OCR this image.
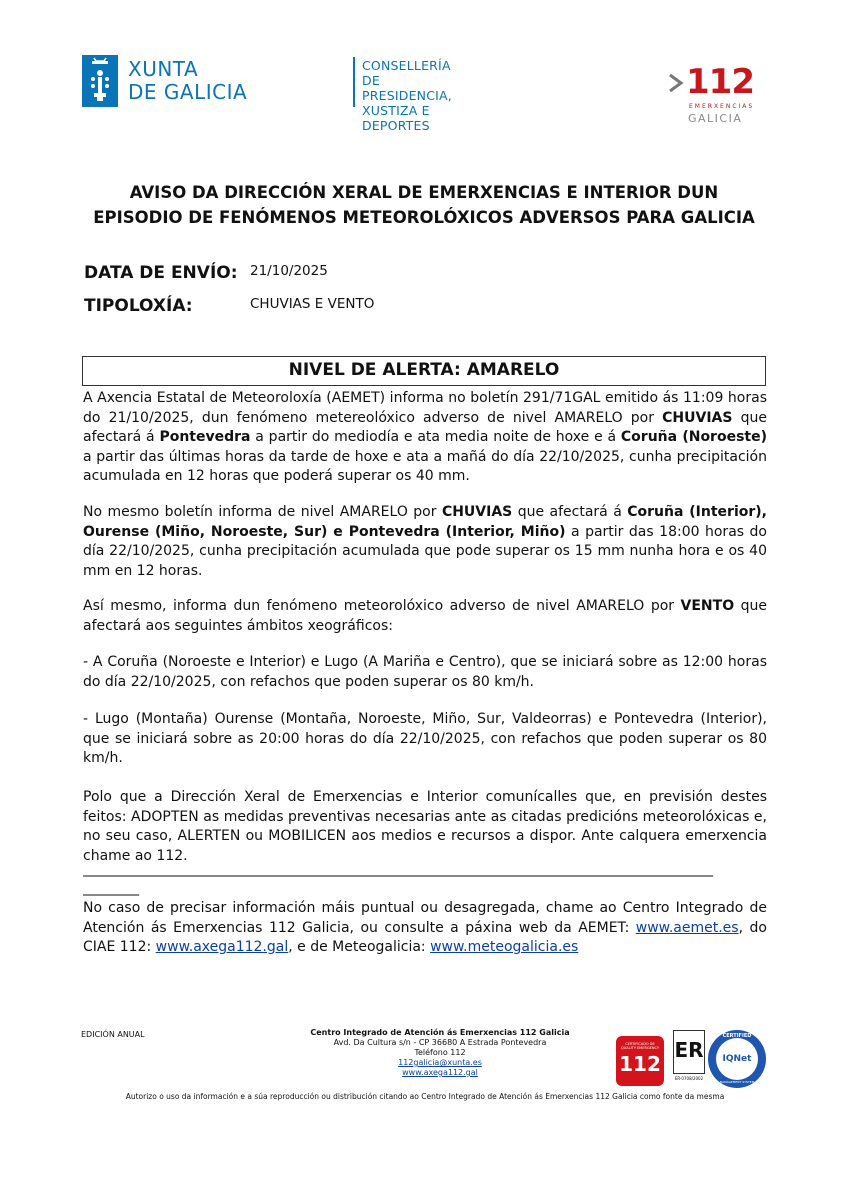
XUNTA
DE GALICIA
CONSELLERÍA DE
PRESIDENCIA,
XUSTIZA E DEPORTES
112
EMERXENCIAS
GALICIA
AVISO DA DIRECCIÓN XERAL DE EMERXENCIAS E INTERIOR DUN
EPISODIO DE FENÓMENOS METEOROLÓXICOS ADVERSOS PARA GALICIA
DATA DE ENVÍO: 21/10/2025
TIPOLOXÍA:	CHUVIAS E VENTO
NIVEL DE ALERTA: AMARELO
A Axencia Estatal de Meteoroloxía (AEMET) informa no boletín 291/71GAL emitido ás 11:09 horas do 21/10/2025, dun fenómeno metereolóxico adverso de nivel AMARELO por CHUVIAS que afectará á Pontevedra a partir do mediodía e ata media noite de hoxe e á Coruña (Noroeste) a partir das últimas horas da tarde de hoxe e ata a mañá do día 22/10/2025, cunha precipitación acumulada en 12 horas que poderá superar os 40 mm.
No mesmo boletín informa de nivel AMARELO por CHUVIAS que afectará á Coruña (Interior), Ourense (Miño, Noroeste, Sur) e Pontevedra (Interior, Miño) a partir das 18:00 horas do día 22/10/2025, cunha precipitación acumulada que pode superar os 15 mm nunha hora e os 40 mm en 12 horas.
Así mesmo, informa dun fenómeno meteorolóxico adverso de nivel AMARELO por VENTO que afectará aos seguintes ámbitos xeográficos:
- A Coruña (Noroeste e Interior) e Lugo (A Mariña e Centro), que se iniciará sobre as 12:00 horas do día 22/10/2025, con refachos que poden superar os 80 km/h.
- Lugo (Montaña) Ourense (Montaña, Noroeste, Miño, Sur, Valdeorras) e Pontevedra (Interior), que se iniciará sobre as 20:00 horas do día 22/10/2025, con refachos que poden superar os 80 km/h.
Polo que a Dirección Xeral de Emerxencias e Interior comunícalles que, en previsión destes feitos: ADOPTEN as medidas preventivas necesarias ante as citadas predicións meteorolóxicas e, no seu caso, ALERTEN ou MOBILICEN aos medios e recursos a dispor. Ante calquera emerxencia chame ao 112.
__________________________________________________________________________________________
________
No caso de precisar información máis puntual ou desagregada, chame ao Centro Integrado de Atención ás Emerxencias 112 Galicia, ou consulte a páxina web da AEMET: www.aemet.es, do CIAE 112: www.axega112.gal, e de Meteogalicia: www.meteogalicia.es
EDICIÓN ANUAL	Centro Integrado de Atención ás Emerxencias 112 Galicia
Avd. Da Cultura s/n - CP 36680 A Estrada Pontevedra
Teléfono 112
112galicia@xunta.es
www.axega112.gal
CERTIFICADO DE QUALITY EMERGENCY
112
ER
ER-0708/2002
CERTIFIED
IQNet
MANAGEMENT SYSTEM
Autorizo o uso da información e a súa reproducción ou distribución citando ao Centro Integrado de Atención ás Emerxencias 112 Galicia como fonte da mesma
